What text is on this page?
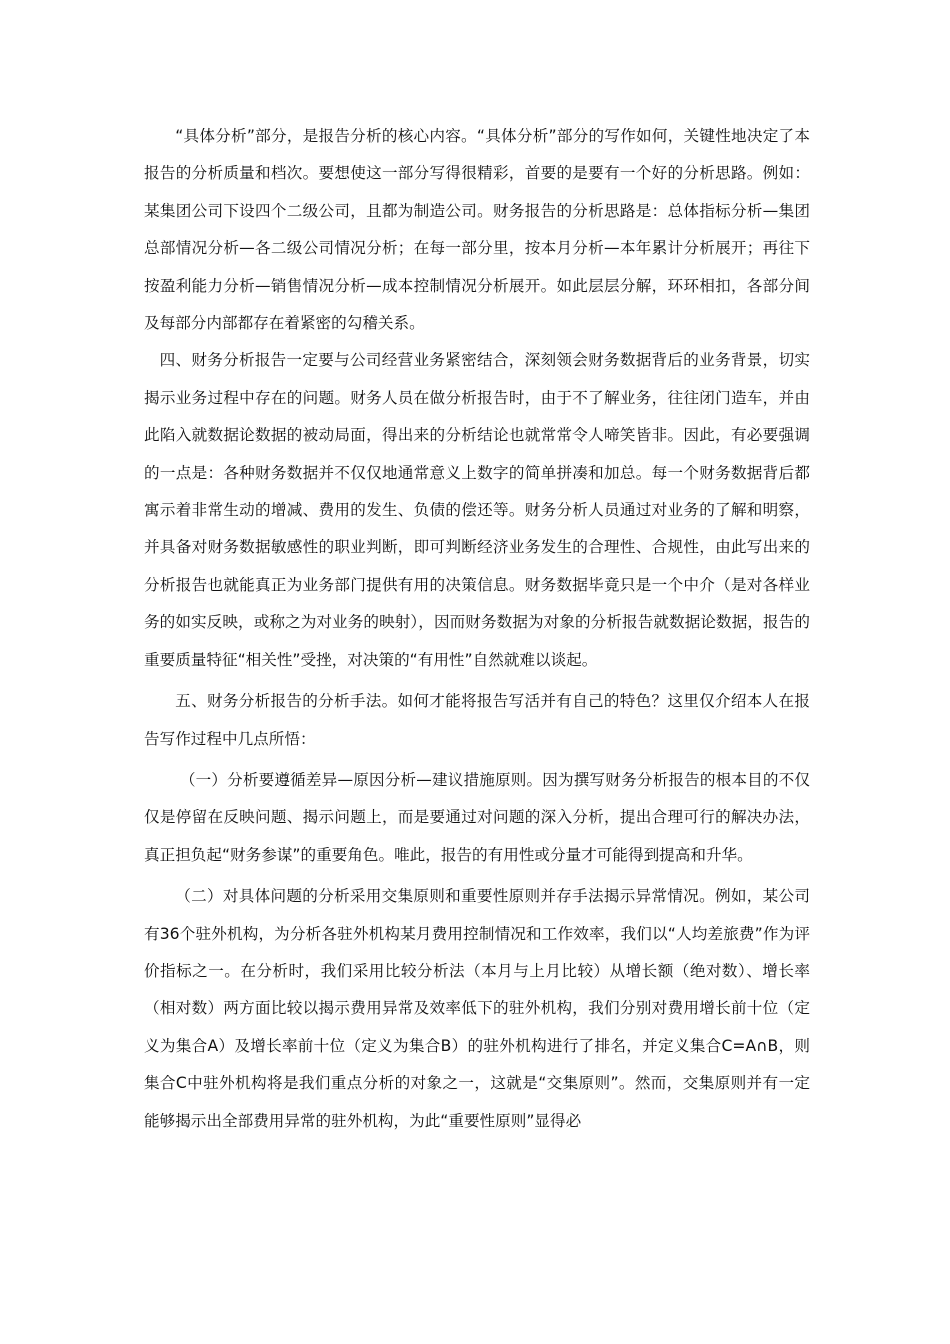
“具体分析”部分，是报告分析的核心内容。“具体分析”部分的写作如何，关键性地决定了本报告的分析质量和档次。要想使这一部分写得很精彩，首要的是要有一个好的分析思路。例如：某集团公司下设四个二级公司，且都为制造公司。财务报告的分析思路是：总体指标分析—集团总部情况分析—各二级公司情况分析；在每一部分里，按本月分析—本年累计分析展开；再往下按盈利能力分析—销售情况分析—成本控制情况分析展开。如此层层分解，环环相扣，各部分间及每部分内部都存在着紧密的勾稽关系。

四、财务分析报告一定要与公司经营业务紧密结合，深刻领会财务数据背后的业务背景，切实揭示业务过程中存在的问题。财务人员在做分析报告时，由于不了解业务，往往闭门造车，并由此陷入就数据论数据的被动局面，得出来的分析结论也就常常令人啼笑皆非。因此，有必要强调的一点是：各种财务数据并不仅仅地通常意义上数字的简单拼凑和加总。每一个财务数据背后都寓示着非常生动的增减、费用的发生、负债的偿还等。财务分析人员通过对业务的了解和明察，并具备对财务数据敏感性的职业判断，即可判断经济业务发生的合理性、合规性，由此写出来的分析报告也就能真正为业务部门提供有用的决策信息。财务数据毕竟只是一个中介（是对各样业务的如实反映，或称之为对业务的映射），因而财务数据为对象的分析报告就数据论数据，报告的重要质量特征“相关性”受挫，对决策的“有用性”自然就难以谈起。

五、财务分析报告的分析手法。如何才能将报告写活并有自己的特色？这里仅介绍本人在报告写作过程中几点所悟：

（一）分析要遵循差异—原因分析—建议措施原则。因为撰写财务分析报告的根本目的不仅仅是停留在反映问题、揭示问题上，而是要通过对问题的深入分析，提出合理可行的解决办法，真正担负起“财务参谋”的重要角色。唯此，报告的有用性或分量才可能得到提高和升华。

（二）对具体问题的分析采用交集原则和重要性原则并存手法揭示异常情况。例如，某公司有36个驻外机构，为分析各驻外机构某月费用控制情况和工作效率，我们以“人均差旅费”作为评价指标之一。在分析时，我们采用比较分析法（本月与上月比较）从增长额（绝对数）、增长率（相对数）两方面比较以揭示费用异常及效率低下的驻外机构，我们分别对费用增长前十位（定义为集合A）及增长率前十位（定义为集合B）的驻外机构进行了排名，并定义集合C=A∩B，则集合C中驻外机构将是我们重点分析的对象之一，这就是“交集原则”。然而，交集原则并有一定能够揭示出全部费用异常的驻外机构，为此“重要性原则”显得必
